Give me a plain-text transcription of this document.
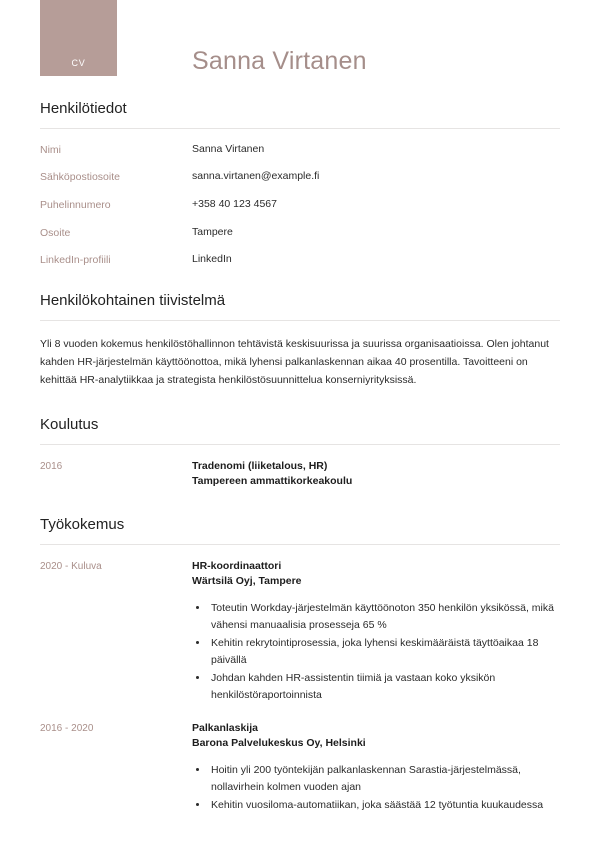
CV	Sanna Virtanen
Henkilötiedot
Nimi	Sanna Virtanen
Sähköpostiosoite	sanna.virtanen@example.fi
Puhelinnumero	+358 40 123 4567
Osoite	Tampere
LinkedIn-profiili	LinkedIn
Henkilökohtainen tiivistelmä

Yli 8 vuoden kokemus henkilöstöhallinnon tehtävistä keskisuurissa ja suurissa organisaatioissa. Olen johtanut kahden HR-järjestelmän käyttöönottoa, mikä lyhensi palkanlaskennan aikaa 40 prosentilla. Tavoitteeni on kehittää HR-analytiikkaa ja strategista henkilöstösuunnittelua konserniyrityksissä.

Koulutus
2016	Tradenomi (liiketalous, HR)
Tampereen ammattikorkeakoulu
Työkokemus
2020 - Kuluva	HR-koordinaattori
Wärtsilä Oyj, Tampere
• Toteutin Workday-järjestelmän käyttöönoton 350 henkilön yksikössä, mikä vähensi manuaalisia prosesseja 65 %
• Kehitin rekrytointiprosessia, joka lyhensi keskimääräistä täyttöaikaa 18 päivällä
• Johdan kahden HR-assistentin tiimiä ja vastaan koko yksikön henkilöstöraportoinnista
2016 - 2020	Palkanlaskija
Barona Palvelukeskus Oy, Helsinki
• Hoitin yli 200 työntekijän palkanlaskennan Sarastia-järjestelmässä, nollavirhein kolmen vuoden ajan
• Kehitin vuosiloma-automatiikan, joka säästää 12 työtuntia kuukaudessa
